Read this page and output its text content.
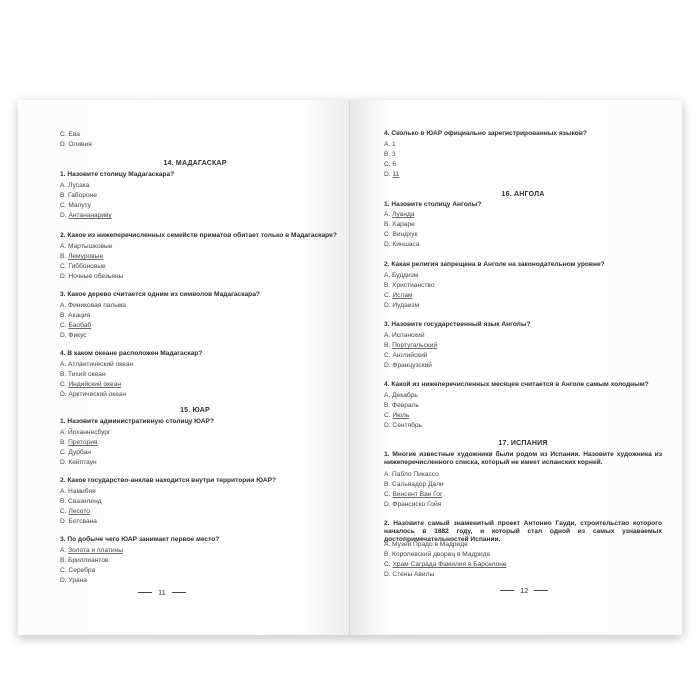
C. Ева
D. Оливия
14. МАДАГАСКАР
1. Назовите столицу Мадагаскара?
A. Лусака
B. Габороне
C. Мапуту
D. Антананариву
2. Какое из нижеперечисленных семейств приматов обитает только в Мадагаскаре?
A. Мартышковые
B. Лемуровые
C. Гиббоновые
D. Ночные обезьяны
3. Какое дерево считается одним из символов Мадагаскара?
A. Финиковая пальма
B. Акация
C. Баобаб
D. Фикус
4. В каком океане расположен Мадагаскар?
A. Атлантический океан
B. Тихий океан
C. Индийский океан
D. Арктический океан
15. ЮАР
1. Назовите административную столицу ЮАР?
A. Йоханнесбург
B. Претория
C. Дурбан
D. Кейптаун
2. Какое государство-анклав находится внутри территории ЮАР?
A. Намибия
B. Свазиленд
C. Лесото
D. Ботсвана
3. По добыче чего ЮАР занимает первое место?
A. Золота и платины
B. Бриллиантов
C. Серебра
D. Урана
11
4. Сколько в ЮАР официально зарегистрированных языков?
A. 1
B. 3
C. 6
D. 11
16. АНГОЛА
1. Назовите столицу Анголы?
A. Луанда
B. Хараре
C. Виндхук
D. Киншаса
2. Какая религия запрещена в Анголе на законодательном уровне?
A. Буддизм
B. Христианство
C. Ислам
D. Иудаизм
3. Назовите государственный язык Анголы?
A. Испанский
B. Португальский
C. Английский
D. Французский
4. Какой из нижеперечисленных месяцев считается в Анголе самым холодным?
A. Декабрь
B. Февраль
C. Июль
D. Сентябрь
17. ИСПАНИЯ
1. Многие известные художники были родом из Испании. Назовите художника из нижеперечисленного списка, который не имеет испанских корней.
A. Пабло Пикассо
B. Сальвадор Дали
C. Винсент Ван Гог
D. Франсиско Гойя
2. Назовите самый знаменитый проект Антонио Гауди, строительство которого началось в 1882 году, и который стал одной из самых узнаваемых достопримечательностей Испании.
A. Музей Прадо в Мадриде
B. Королевский дворец в Мадриде
C. Храм Саграда Фамилия в Барселоне
D. Стены Авилы
12
